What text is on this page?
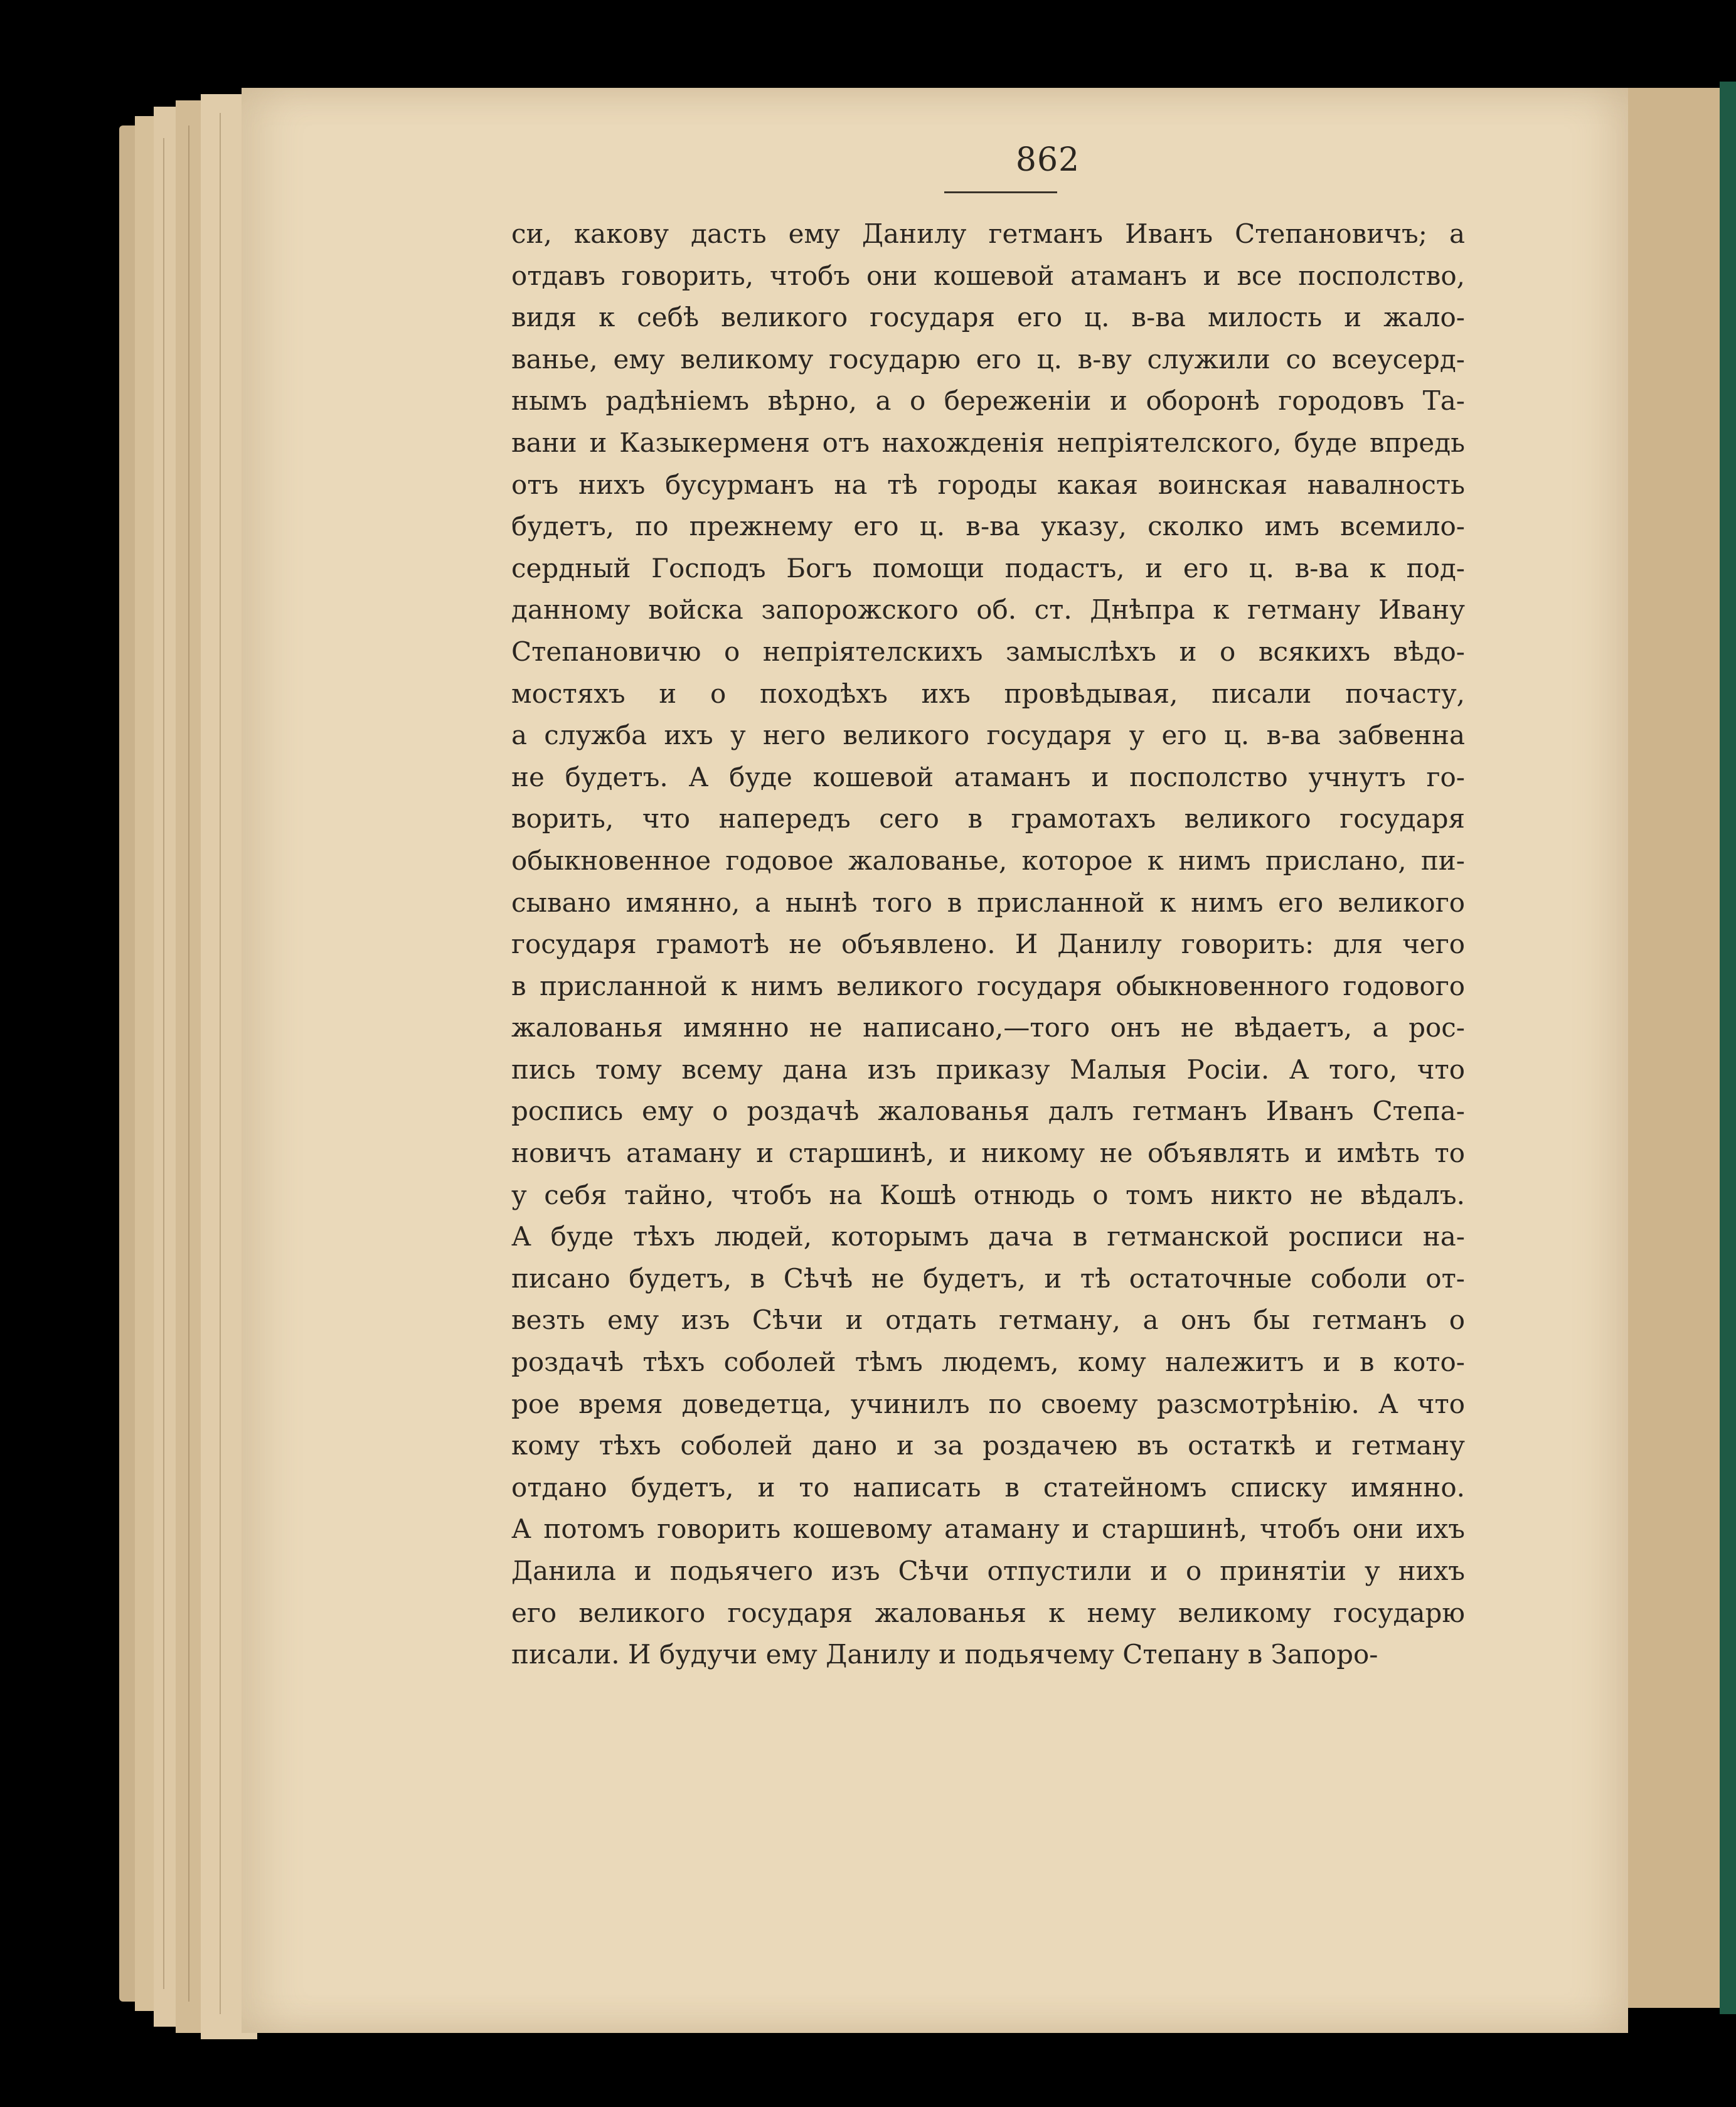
862
си, какову дасть ему Данилу гетманъ Иванъ Степановичъ; а
отдавъ говорить, чтобъ они кошевой атаманъ и все посполство,
видя к себѣ великого государя его ц. в-ва милость и жало-
ванье, ему великому государю его ц. в-ву служили со всеусерд-
нымъ радѣніемъ вѣрно, а о береженіи и оборонѣ городовъ Та-
вани и Казыкерменя отъ нахожденія непріятелского, буде впредь
отъ нихъ бусурманъ на тѣ городы какая воинская навалность
будетъ, по прежнему его ц. в-ва указу, сколко имъ всемило-
сердный Господъ Богъ помощи подастъ, и его ц. в-ва к под-
данному войска запорожского об. ст. Днѣпра к гетману Ивану
Степановичю о непріятелскихъ замыслѣхъ и о всякихъ вѣдо-
мостяхъ и о походѣхъ ихъ провѣдывая, писали почасту,
а служба ихъ у него великого государя у его ц. в-ва забвенна
не будетъ. А буде кошевой атаманъ и посполство учнутъ го-
ворить, что напередъ сего в грамотахъ великого государя
обыкновенное годовое жалованье, которое к нимъ прислано, пи-
сывано имянно, а нынѣ того в присланной к нимъ его великого
государя грамотѣ не объявлено. И Данилу говорить: для чего
в присланной к нимъ великого государя обыкновенного годового
жалованья имянно не написано,—того онъ не вѣдаетъ, а рос-
пись тому всему дана изъ приказу Малыя Росіи. А того, что
роспись ему о роздачѣ жалованья далъ гетманъ Иванъ Степа-
новичъ атаману и старшинѣ, и никому не объявлять и имѣть то
у себя тайно, чтобъ на Кошѣ отнюдь о томъ никто не вѣдалъ.
А буде тѣхъ людей, которымъ дача в гетманской росписи на-
писано будетъ, в Сѣчѣ не будетъ, и тѣ остаточные соболи от-
везть ему изъ Сѣчи и отдать гетману, а онъ бы гетманъ о
роздачѣ тѣхъ соболей тѣмъ людемъ, кому належитъ и в кото-
рое время доведетца, учинилъ по своему разсмотрѣнію. А что
кому тѣхъ соболей дано и за роздачею въ остаткѣ и гетману
отдано будетъ, и то написать в статейномъ списку имянно.
А потомъ говорить кошевому атаману и старшинѣ, чтобъ они ихъ
Данила и подьячего изъ Сѣчи отпустили и о принятіи у нихъ
его великого государя жалованья к нему великому государю
писали. И будучи ему Данилу и подьячему Степану в Запоро-
